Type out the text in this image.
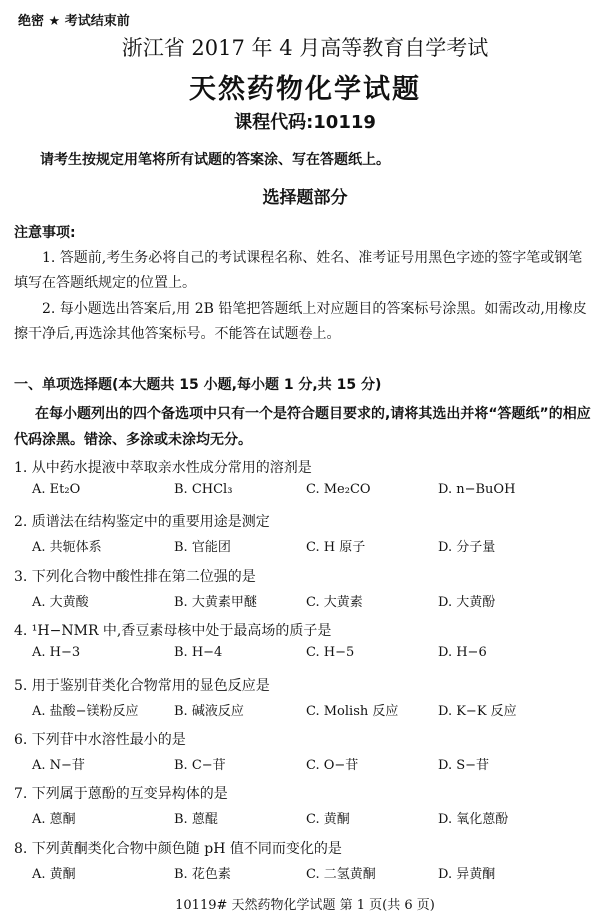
绝密 ★ 考试结束前
浙江省 2017 年 4 月高等教育自学考试
天然药物化学试题
课程代码:10119
请考生按规定用笔将所有试题的答案涂、写在答题纸上。
选择题部分
注意事项:
1. 答题前,考生务必将自己的考试课程名称、姓名、准考证号用黑色字迹的签字笔或钢笔填写在答题纸规定的位置上。
2. 每小题选出答案后,用 2B 铅笔把答题纸上对应题目的答案标号涂黑。如需改动,用橡皮擦干净后,再选涂其他答案标号。不能答在试题卷上。
一、单项选择题(本大题共 15 小题,每小题 1 分,共 15 分)
在每小题列出的四个备选项中只有一个是符合题目要求的,请将其选出并将“答题纸”的相应代码涂黑。错涂、多涂或未涂均无分。
1. 从中药水提液中萃取亲水性成分常用的溶剂是
A. Et₂O	B. CHCl₃	C. Me₂CO	D. n−BuOH
2. 质谱法在结构鉴定中的重要用途是测定
A. 共轭体系	B. 官能团	C. H 原子	D. 分子量
3. 下列化合物中酸性排在第二位强的是
A. 大黄酸	B. 大黄素甲醚	C. 大黄素	D. 大黄酚
4. ¹H−NMR 中,香豆素母核中处于最高场的质子是
A. H−3	B. H−4	C. H−5	D. H−6
5. 用于鉴别苷类化合物常用的显色反应是
A. 盐酸−镁粉反应	B. 碱液反应	C. Molish 反应	D. K−K 反应
6. 下列苷中水溶性最小的是
A. N−苷	B. C−苷	C. O−苷	D. S−苷
7. 下列属于蒽酚的互变异构体的是
A. 蒽酮	B. 蒽醌	C. 黄酮	D. 氧化蒽酚
8. 下列黄酮类化合物中颜色随 pH 值不同而变化的是
A. 黄酮	B. 花色素	C. 二氢黄酮	D. 异黄酮
10119# 天然药物化学试题 第 1 页(共 6 页)
